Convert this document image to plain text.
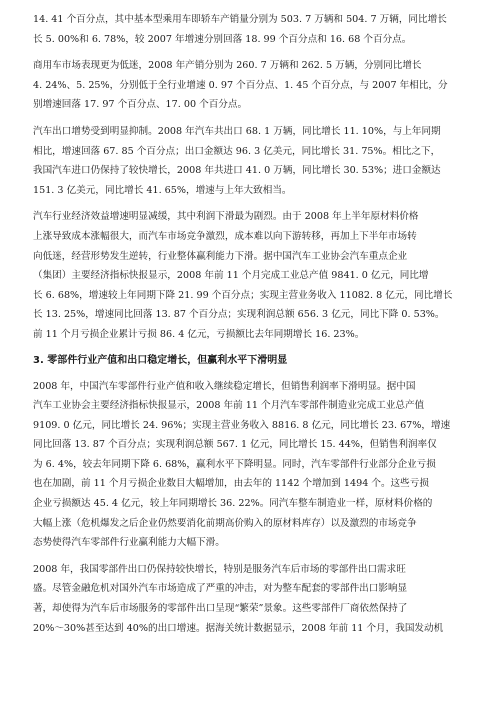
14. 41 个百分点，其中基本型乘用车即轿车产销量分别为 503. 7 万辆和 504. 7 万辆，同比增长
长 5. 00%和 6. 78%，较 2007 年增速分别回落 18. 99 个百分点和 16. 68 个百分点。
商用车市场表现更为低迷，2008 年产销分别为 260. 7 万辆和 262. 5 万辆，分别同比增长
4. 24%、5. 25%，分别低于全行业增速 0. 97 个百分点、1. 45 个百分点，与 2007 年相比，分
别增速回落 17. 97 个百分点、17. 00 个百分点。
汽车出口增势受到明显抑制。2008 年汽车共出口 68. 1 万辆，同比增长 11. 10%，与上年同期
相比，增速回落 67. 85 个百分点；出口金额达 96. 3 亿美元，同比增长 31. 75%。相比之下，
我国汽车进口仍保持了较快增长，2008 年共进口 41. 0 万辆，同比增长 30. 53%；进口金额达
151. 3 亿美元，同比增长 41. 65%，增速与上年大致相当。
汽车行业经济效益增速明显减缓，其中利润下滑最为剧烈。由于 2008 年上半年原材料价格
上涨导致成本涨幅很大，而汽车市场竞争激烈，成本难以向下游转移，再加上下半年市场转
向低迷，经营形势发生逆转，行业整体赢利能力下滑。据中国汽车工业协会汽车重点企业
（集团）主要经济指标快报显示，2008 年前 11 个月完成工业总产值 9841. 0 亿元，同比增
长 6. 68%，增速较上年同期下降 21. 99 个百分点；实现主营业务收入 11082. 8 亿元，同比增长
长 13. 25%，增速同比回落 13. 87 个百分点；实现利润总额 656. 3 亿元，同比下降 0. 53%。
前 11 个月亏损企业累计亏损 86. 4 亿元，亏损额比去年同期增长 16. 23%。
3. 零部件行业产值和出口稳定增长，但赢利水平下滑明显
2008 年，中国汽车零部件行业产值和收入继续稳定增长，但销售利润率下滑明显。据中国
汽车工业协会主要经济指标快报显示，2008 年前 11 个月汽车零部件制造业完成工业总产值
9109. 0 亿元，同比增长 24. 96%；实现主营业务收入 8816. 8 亿元，同比增长 23. 67%，增速
同比回落 13. 87 个百分点；实现利润总额 567. 1 亿元，同比增长 15. 44%，但销售利润率仅
为 6. 4%，较去年同期下降 6. 68%，赢利水平下降明显。同时，汽车零部件行业部分企业亏损
也在加剧，前 11 个月亏损企业数目大幅增加，由去年的 1142 个增加到 1494 个。这些亏损
企业亏损额达 45. 4 亿元，较上年同期增长 36. 22%。同汽车整车制造业一样，原材料价格的
大幅上涨（危机爆发之后企业仍然要消化前期高价购入的原材料库存）以及激烈的市场竞争
态势使得汽车零部件行业赢利能力大幅下滑。
2008 年，我国零部件出口仍保持较快增长，特别是服务汽车后市场的零部件出口需求旺
盛。尽管金融危机对国外汽车市场造成了严重的冲击，对为整车配套的零部件出口影响显
著，却使得为汽车后市场服务的零部件出口呈现“繁荣”景象。这些零部件厂商依然保持了
20%～30%甚至达到 40%的出口增速。据海关统计数据显示，2008 年前 11 个月，我国发动机
